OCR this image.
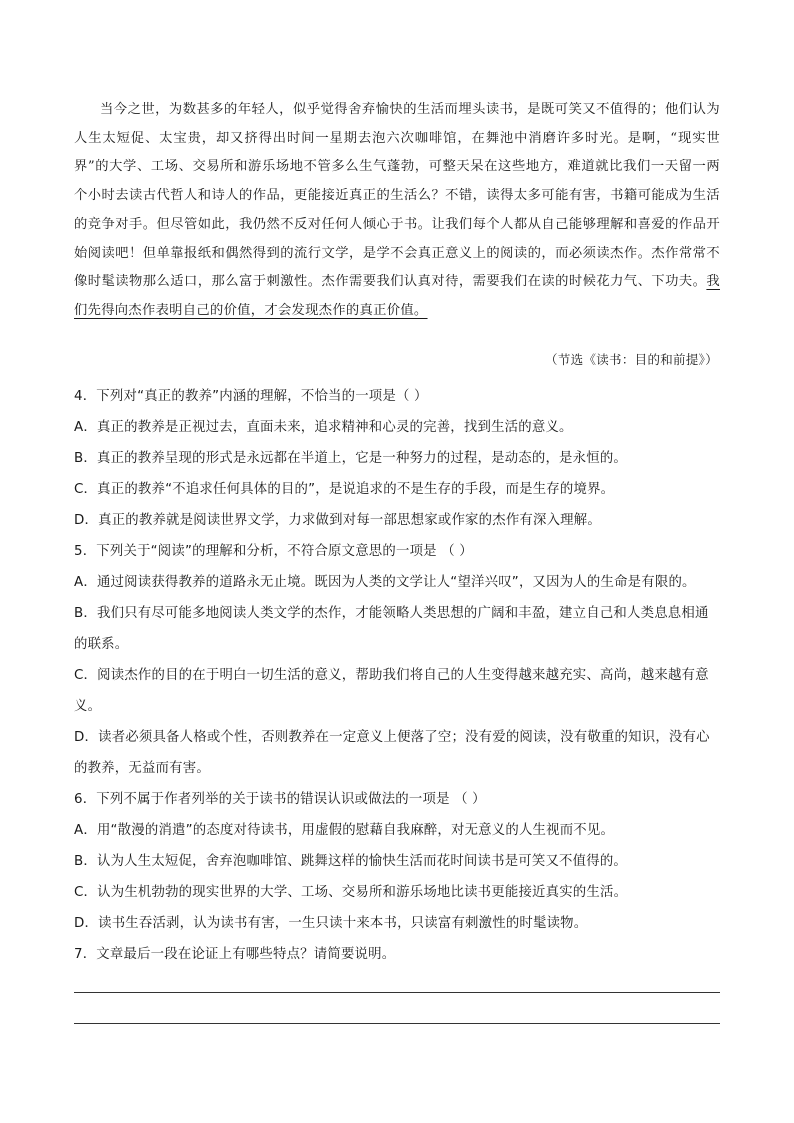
当今之世，为数甚多的年轻人，似乎觉得舍弃愉快的生活而埋头读书，是既可笑又不值得的；他们认为人生太短促、太宝贵，却又挤得出时间一星期去泡六次咖啡馆，在舞池中消磨许多时光。是啊，“现实世界”的大学、工场、交易所和游乐场地不管多么生气蓬勃，可整天呆在这些地方，难道就比我们一天留一两个小时去读古代哲人和诗人的作品，更能接近真正的生活么？不错，读得太多可能有害，书籍可能成为生活的竞争对手。但尽管如此，我仍然不反对任何人倾心于书。让我们每个人都从自己能够理解和喜爱的作品开始阅读吧！但单靠报纸和偶然得到的流行文学，是学不会真正意义上的阅读的，而必须读杰作。杰作常常不像时髦读物那么适口，那么富于刺激性。杰作需要我们认真对待，需要我们在读的时候花力气、下功夫。我们先得向杰作表明自己的价值，才会发现杰作的真正价值。

（节选《读书：目的和前提》）
4．下列对“真正的教养”内涵的理解，不恰当的一项是（ ）
A．真正的教养是正视过去，直面未来，追求精神和心灵的完善，找到生活的意义。
B．真正的教养呈现的形式是永远都在半道上，它是一种努力的过程，是动态的，是永恒的。
C．真正的教养“不追求任何具体的目的”，是说追求的不是生存的手段，而是生存的境界。
D．真正的教养就是阅读世界文学，力求做到对每一部思想家或作家的杰作有深入理解。
5．下列关于“阅读”的理解和分析，不符合原文意思的一项是 （ ）
A．通过阅读获得教养的道路永无止境。既因为人类的文学让人“望洋兴叹”，又因为人的生命是有限的。
B．我们只有尽可能多地阅读人类文学的杰作，才能领略人类思想的广阔和丰盈，建立自己和人类息息相通的联系。
C．阅读杰作的目的在于明白一切生活的意义，帮助我们将自己的人生变得越来越充实、高尚，越来越有意义。
D．读者必须具备人格或个性，否则教养在一定意义上便落了空；没有爱的阅读，没有敬重的知识，没有心的教养，无益而有害。
6．下列不属于作者列举的关于读书的错误认识或做法的一项是 （ ）
A．用“散漫的消遣”的态度对待读书，用虚假的慰藉自我麻醉，对无意义的人生视而不见。
B．认为人生太短促，舍弃泡咖啡馆、跳舞这样的愉快生活而花时间读书是可笑又不值得的。
C．认为生机勃勃的现实世界的大学、工场、交易所和游乐场地比读书更能接近真实的生活。
D．读书生吞活剥，认为读书有害，一生只读十来本书，只读富有刺激性的时髦读物。
7．文章最后一段在论证上有哪些特点？请简要说明。
